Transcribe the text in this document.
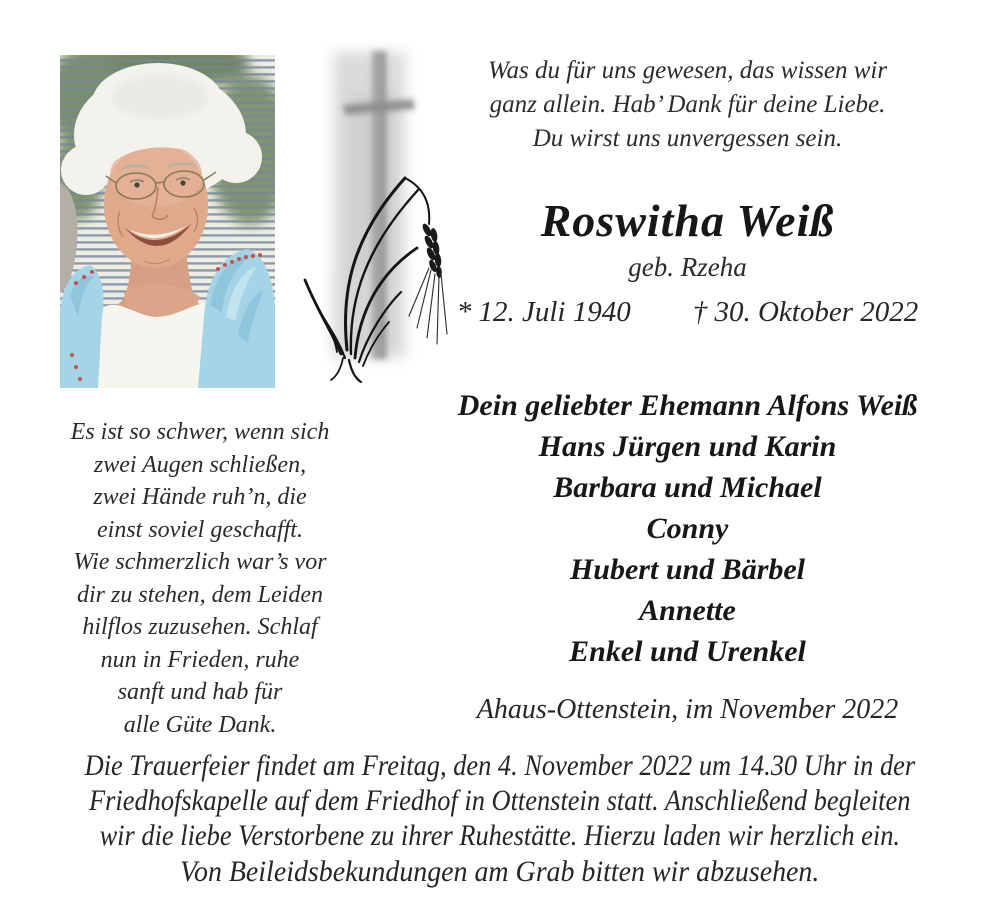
Was du für uns gewesen, das wissen wir
ganz allein. Hab’ Dank für deine Liebe.
Du wirst uns unvergessen sein.
Roswitha Weiß
geb. Rzeha
* 12. Juli 1940 † 30. Oktober 2022
Es ist so schwer, wenn sich
zwei Augen schließen,
zwei Hände ruh’n, die
einst soviel geschafft.
Wie schmerzlich war’s vor
dir zu stehen, dem Leiden
hilflos zuzusehen. Schlaf
nun in Frieden, ruhe
sanft und hab für
alle Güte Dank.
Dein geliebter Ehemann Alfons Weiß
Hans Jürgen und Karin
Barbara und Michael
Conny
Hubert und Bärbel
Annette
Enkel und Urenkel
Ahaus-Ottenstein, im November 2022
Die Trauerfeier findet am Freitag, den 4. November 2022 um 14.30 Uhr in der
Friedhofskapelle auf dem Friedhof in Ottenstein statt. Anschließend begleiten
wir die liebe Verstorbene zu ihrer Ruhestätte. Hierzu laden wir herzlich ein.
Von Beileidsbekundungen am Grab bitten wir abzusehen.
